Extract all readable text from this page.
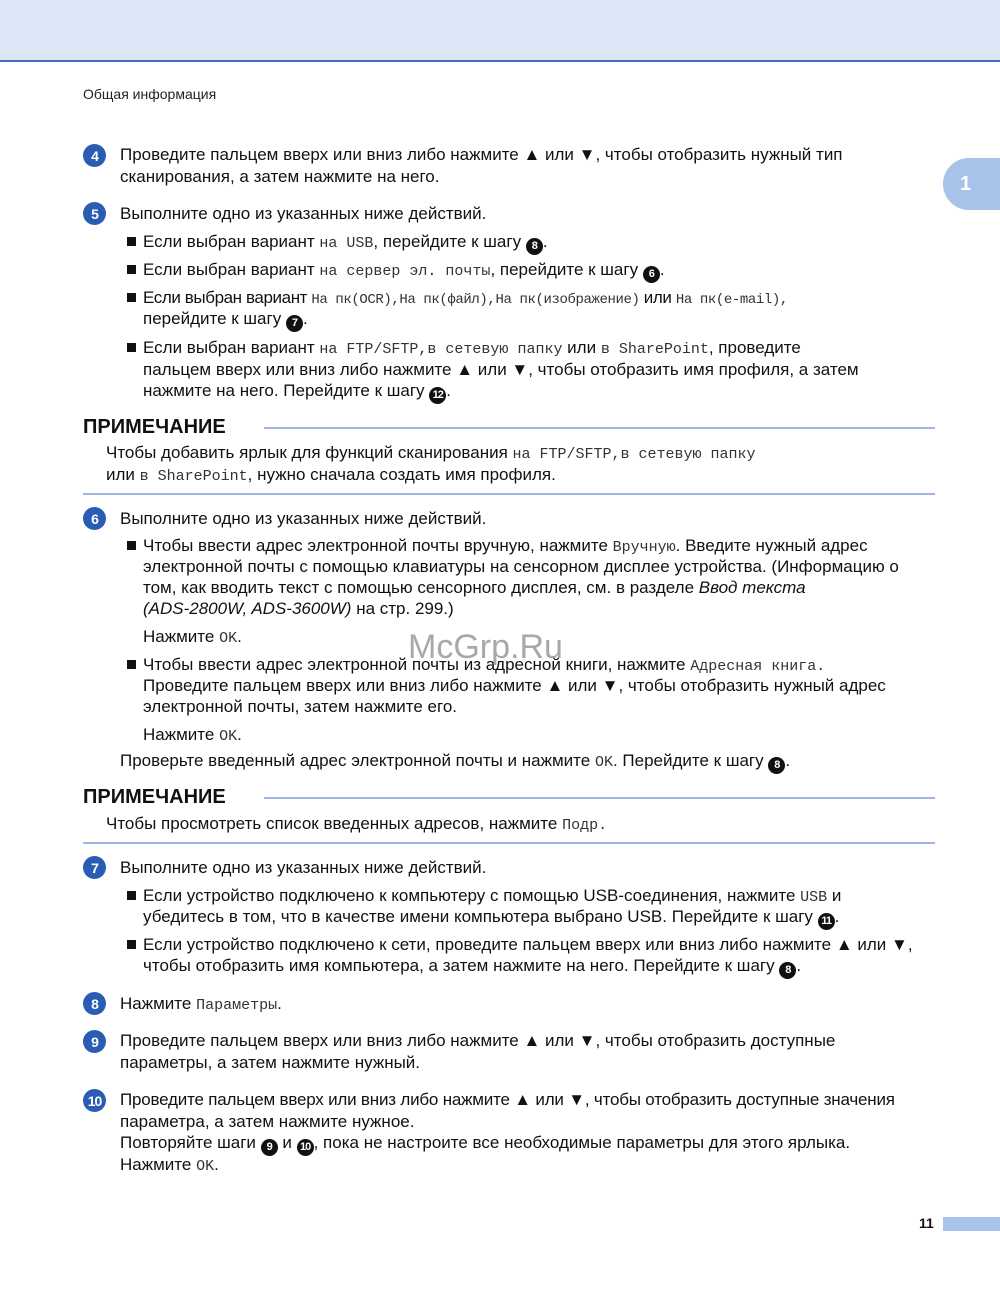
Общая информация
1
4	Проведите пальцем вверх или вниз либо нажмите ▲ или ▼, чтобы отобразить нужный тип
сканирования, а затем нажмите на него.
5	Выполните одно из указанных ниже действий.
Если выбран вариант на USB, перейдите к шагу 8 .
Если выбран вариант на сервер эл. почты, перейдите к шагу 6 .
Если выбран вариант На пк(OCR),На пк(файл),На пк(изображение) или На пк(e-mail),
перейдите к шагу 7 .
Если выбран вариант на FTP/SFTP,в сетевую папку или в SharePoint, проведите
пальцем вверх или вниз либо нажмите ▲ или ▼, чтобы отобразить имя профиля, а затем
нажмите на него. Перейдите к шагу 12 .
ПРИМЕЧАНИЕ
Чтобы добавить ярлык для функций сканирования на FTP/SFTP,в сетевую папку
или в SharePoint, нужно сначала создать имя профиля.
6	Выполните одно из указанных ниже действий.
Чтобы ввести адрес электронной почты вручную, нажмите Вручную. Введите нужный адрес
электронной почты с помощью клавиатуры на сенсорном дисплее устройства. (Информацию о
том, как вводить текст с помощью сенсорного дисплея, см. в разделе Ввод текста
(ADS-2800W, ADS-3600W) на стр. 299.)
Нажмите OK.
Чтобы ввести адрес электронной почты из адресной книги, нажмите Адресная книга.
Проведите пальцем вверх или вниз либо нажмите ▲ или ▼, чтобы отобразить нужный адрес
электронной почты, затем нажмите его.
Нажмите OK.
Проверьте введенный адрес электронной почты и нажмите OK. Перейдите к шагу 8 .
McGrp.Ru
ПРИМЕЧАНИЕ
Чтобы просмотреть список введенных адресов, нажмите Подр.
7	Выполните одно из указанных ниже действий.
Если устройство подключено к компьютеру с помощью USB-соединения, нажмите USB и
убедитесь в том, что в качестве имени компьютера выбрано USB. Перейдите к шагу 11 .
Если устройство подключено к сети, проведите пальцем вверх или вниз либо нажмите ▲ или ▼,
чтобы отобразить имя компьютера, а затем нажмите на него. Перейдите к шагу 8 .
8	Нажмите Параметры.
9	Проведите пальцем вверх или вниз либо нажмите ▲ или ▼, чтобы отобразить доступные
параметры, а затем нажмите нужный.
10 Проведите пальцем вверх или вниз либо нажмите ▲ или ▼, чтобы отобразить доступные значения
параметра, а затем нажмите нужное.
Повторяйте шаги 9 и 10 , пока не настроите все необходимые параметры для этого ярлыка.
Нажмите OK.
11
